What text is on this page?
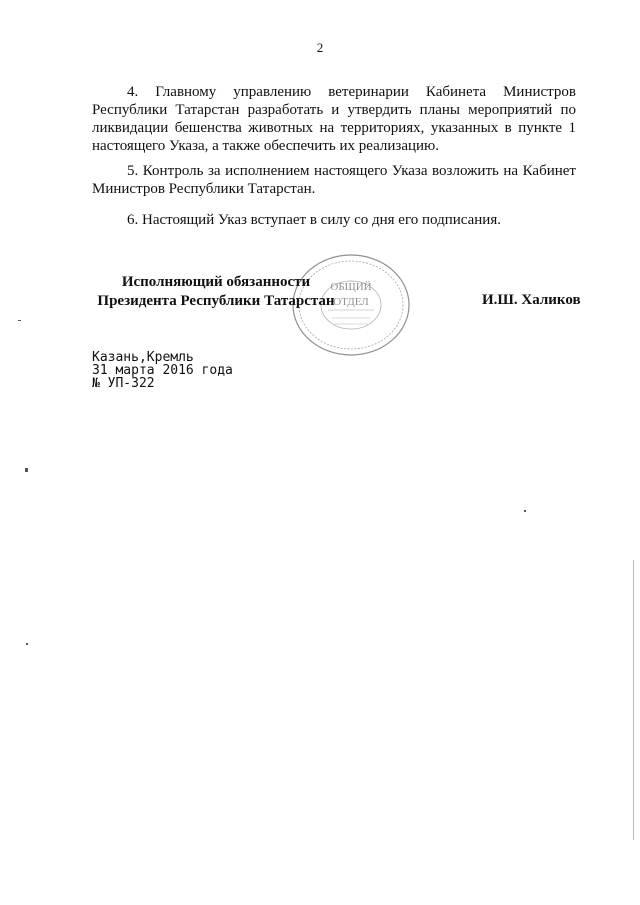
2

4. Главному управлению ветеринарии Кабинета Министров Республики Татарстан разработать и утвердить планы мероприятий по ликвидации бешенства животных на территориях, указанных в пункте 1 настоящего Указа, а также обеспечить их реализацию.

5. Контроль за исполнением настоящего Указа возложить на Кабинет Министров Республики Татарстан.

6. Настоящий Указ вступает в силу со дня его подписания.

ОБЩИЙ
ОТДЕЛ
Исполняющий обязанности
Президента Республики Татарстан	И.Ш. Халиков
Казань,Кремль
31 марта 2016 года
№ УП-322
